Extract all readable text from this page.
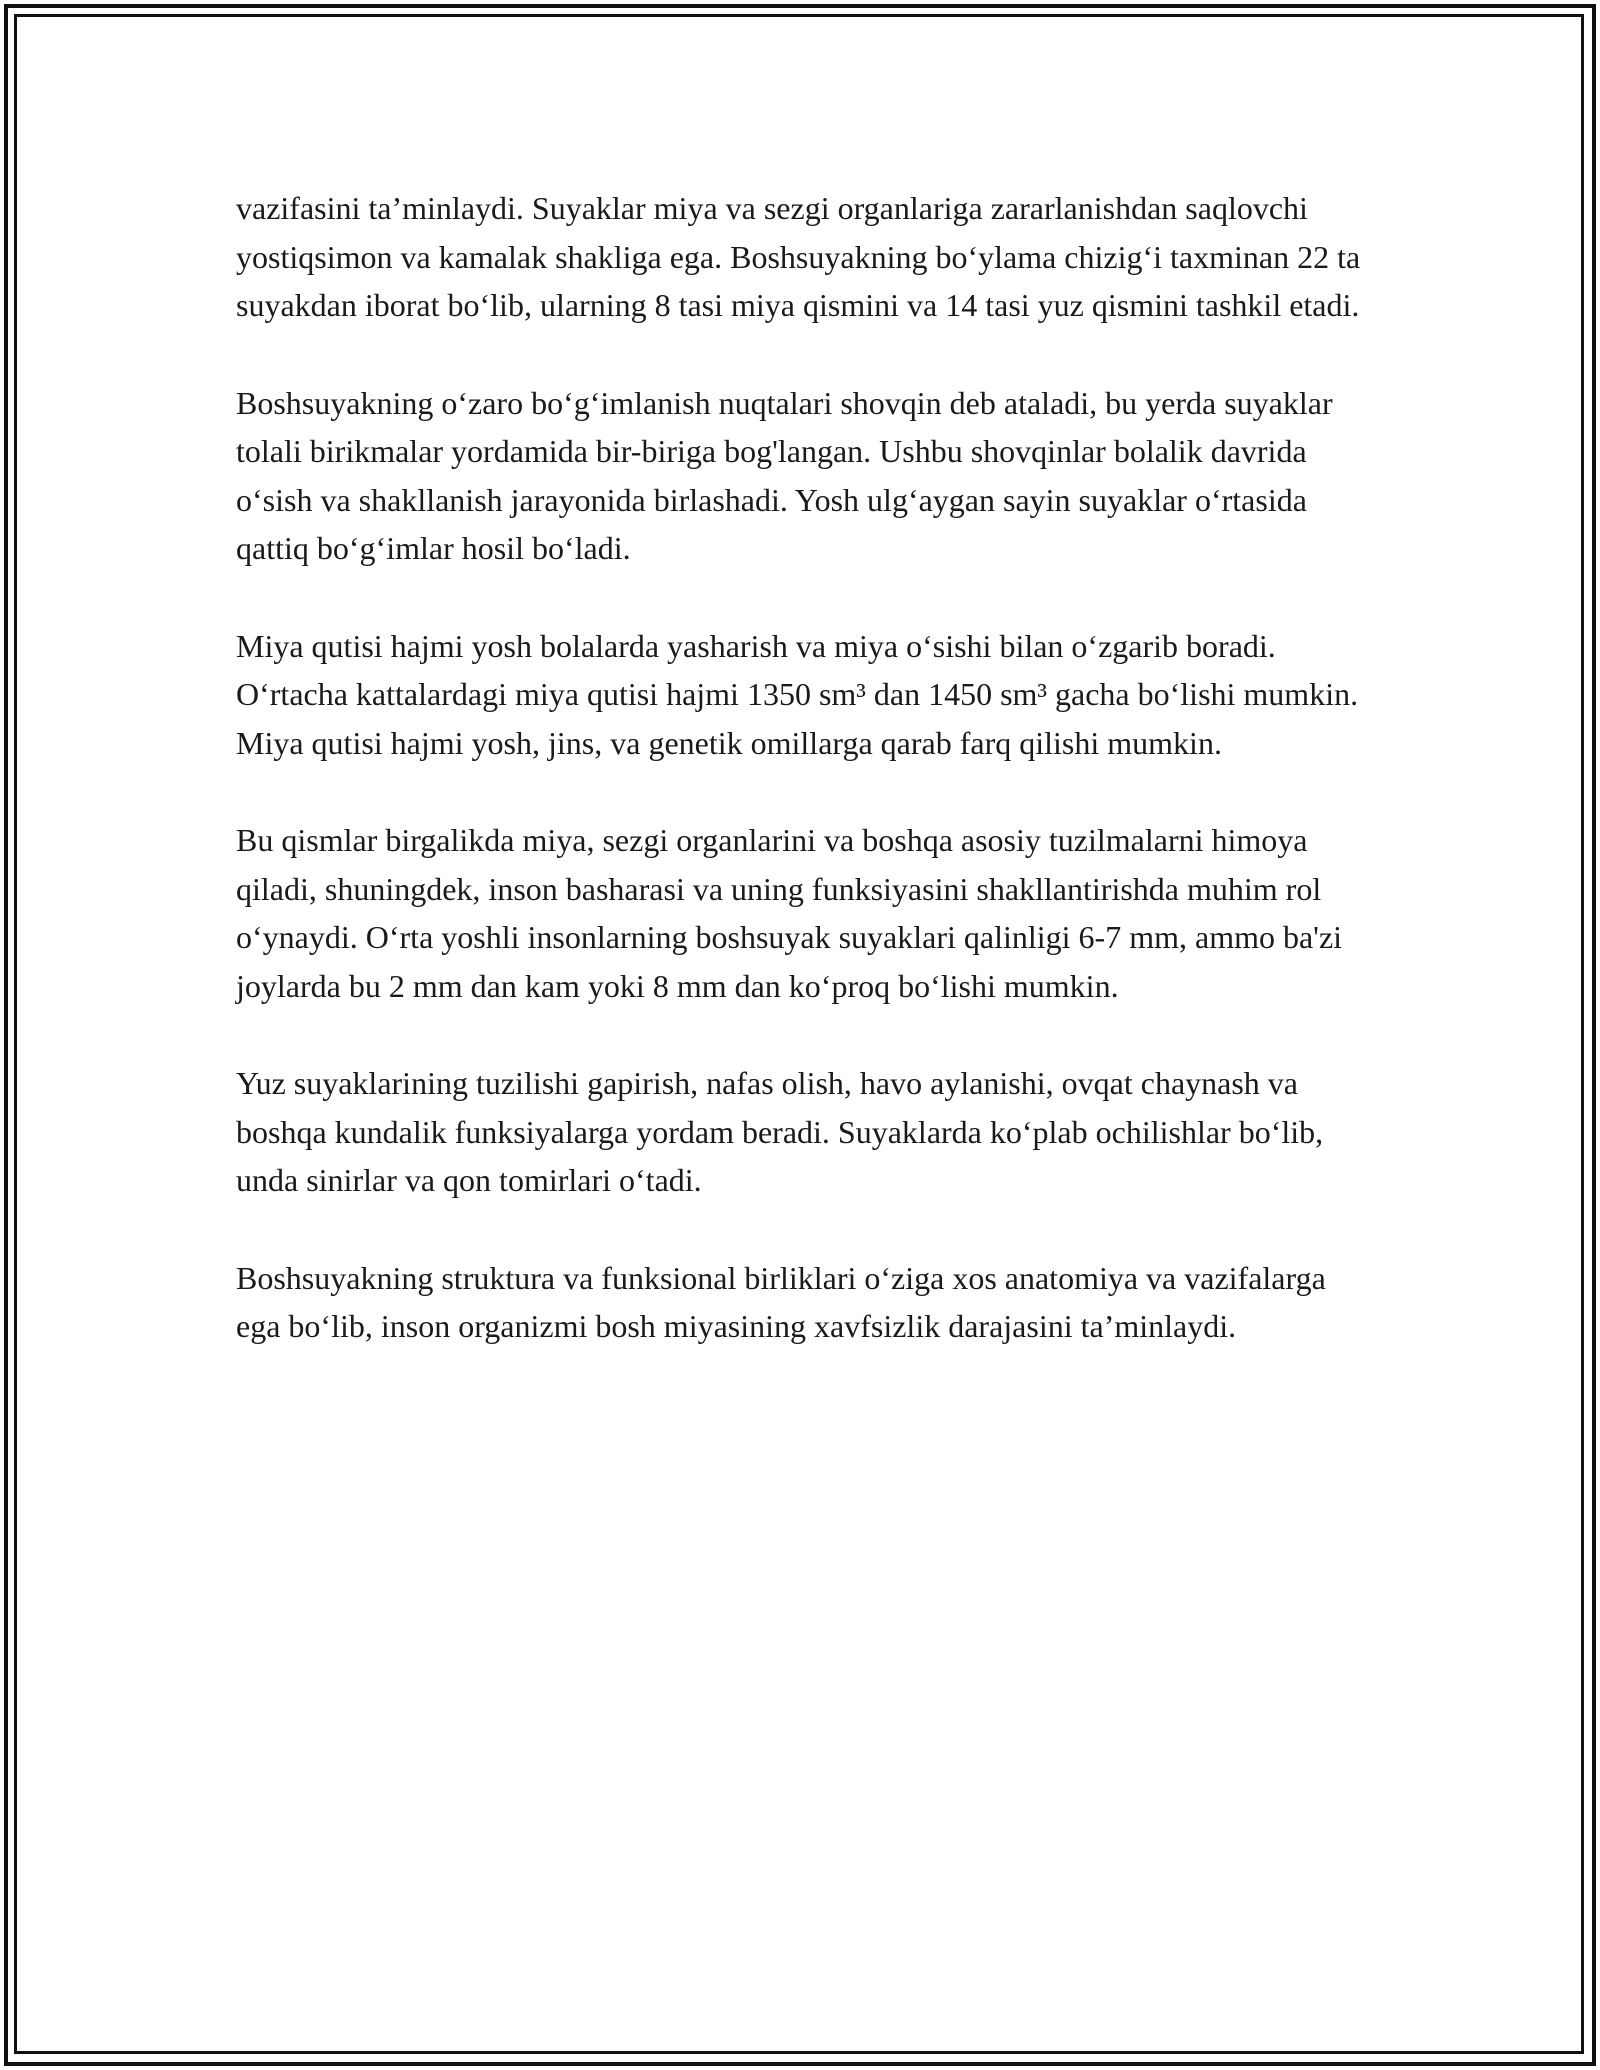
vazifasini ta’minlaydi. Suyaklar miya va sezgi organlariga zararlanishdan saqlovchi yostiqsimon va kamalak shakliga ega. Boshsuyakning bo‘ylama chizig‘i taxminan 22 ta suyakdan iborat bo‘lib, ularning 8 tasi miya qismini va 14 tasi yuz qismini tashkil etadi.

Boshsuyakning o‘zaro bo‘g‘imlanish nuqtalari shovqin deb ataladi, bu yerda suyaklar tolali birikmalar yordamida bir-biriga bog'langan. Ushbu shovqinlar bolalik davrida o‘sish va shakllanish jarayonida birlashadi. Yosh ulg‘aygan sayin suyaklar o‘rtasida qattiq bo‘g‘imlar hosil bo‘ladi.

Miya qutisi hajmi yosh bolalarda yasharish va miya o‘sishi bilan o‘zgarib boradi. O‘rtacha kattalardagi miya qutisi hajmi 1350 sm³ dan 1450 sm³ gacha bo‘lishi mumkin. Miya qutisi hajmi yosh, jins, va genetik omillarga qarab farq qilishi mumkin.

Bu qismlar birgalikda miya, sezgi organlarini va boshqa asosiy tuzilmalarni himoya qiladi, shuningdek, inson basharasi va uning funksiyasini shakllantirishda muhim rol o‘ynaydi. O‘rta yoshli insonlarning boshsuyak suyaklari qalinligi 6-7 mm, ammo ba'zi joylarda bu 2 mm dan kam yoki 8 mm dan ko‘proq bo‘lishi mumkin.

Yuz suyaklarining tuzilishi gapirish, nafas olish, havo aylanishi, ovqat chaynash va boshqa kundalik funksiyalarga yordam beradi. Suyaklarda ko‘plab ochilishlar bo‘lib, unda sinirlar va qon tomirlari o‘tadi.

Boshsuyakning struktura va funksional birliklari o‘ziga xos anatomiya va vazifalarga ega bo‘lib, inson organizmi bosh miyasining xavfsizlik darajasini ta’minlaydi.
